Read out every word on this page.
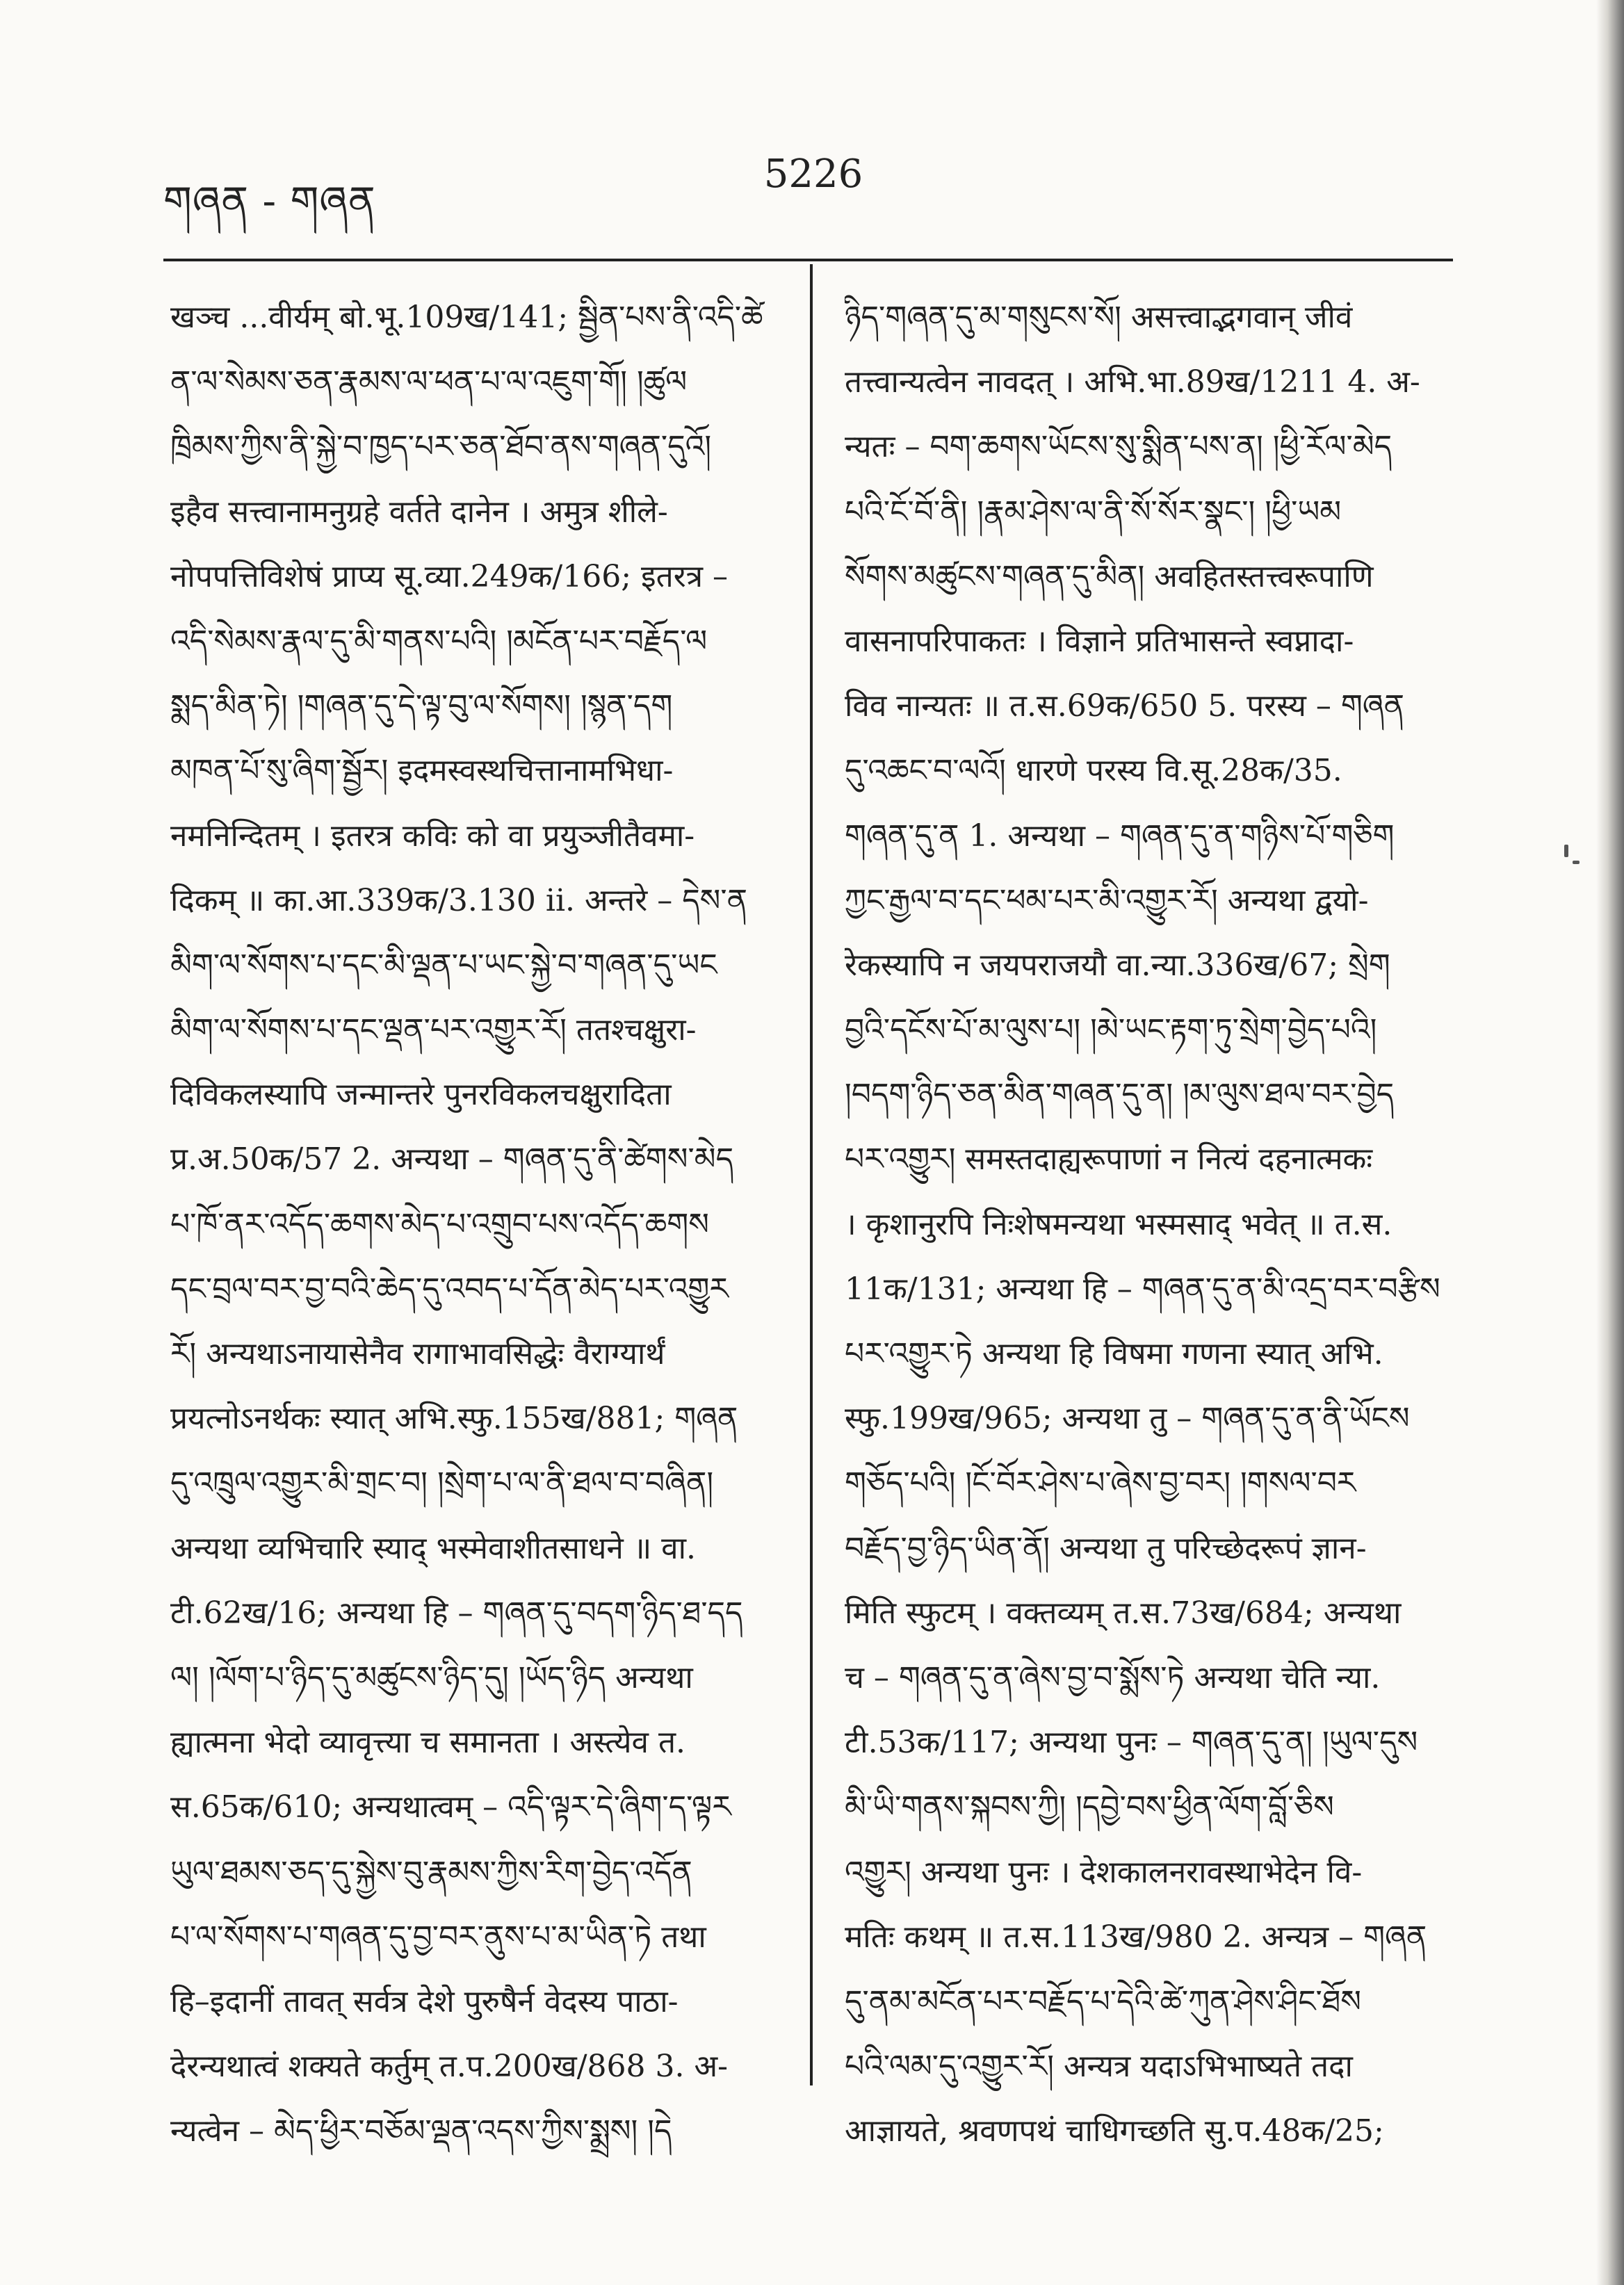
གཞན - གཞན
5226
खञ्च ...वीर्यम् बो.भू.109ख/141; སྦྱིན་པས་ནི་འདི་ཚེ
ན་ལ་སེམས་ཅན་རྣམས་ལ་ཕན་པ་ལ་འཇུག་གོ། །ཚུལ
ཁྲིམས་ཀྱིས་ནི་སྐྱེ་བ་ཁྱད་པར་ཅན་ཐོབ་ནས་གཞན་དུའོ།
इहैव सत्त्वानामनुग्रहे वर्तते दानेन । अमुत्र शीले-
नोपपत्तिविशेषं प्राप्य सू.व्या.249क/166; इतरत्र –
འདི་སེམས་རྣལ་དུ་མི་གནས་པའི། །མངོན་པར་བརྗོད་ལ
སྨད་མིན་ཏེ། །གཞན་དུ་དེ་ལྟ་བུ་ལ་སོགས། །སྙན་དག
མཁན་པོ་སུ་ཞིག་སྦྱོར། इदमस्वस्थचित्तानामभिधा-
नमनिन्दितम् । इतरत्र कविः को वा प्रयुञ्जीतैवमा-
दिकम् ॥ का.आ.339क/3.130 ii. अन्तरे – དེས་ན
མིག་ལ་སོགས་པ་དང་མི་ལྡན་པ་ཡང་སྐྱེ་བ་གཞན་དུ་ཡང
མིག་ལ་སོགས་པ་དང་ལྡན་པར་འགྱུར་རོ། ततश्चक्षुरा-
दिविकलस्यापि जन्मान्तरे पुनरविकलचक्षुरादिता
प्र.अ.50क/57 2. अन्यथा – གཞན་དུ་ནི་ཚེགས་མེད
པ་ཁོ་ནར་འདོད་ཆགས་མེད་པ་འགྲུབ་པས་འདོད་ཆགས
དང་བྲལ་བར་བྱ་བའི་ཆེད་དུ་འབད་པ་དོན་མེད་པར་འགྱུར
རོ། अन्यथाऽनायासेनैव रागाभावसिद्धेः वैराग्यार्थं
प्रयत्नोऽनर्थकः स्यात् अभि.स्फु.155ख/881; གཞན
དུ་འཁྲུལ་འགྱུར་མི་གྲང་བ། །སྲེག་པ་ལ་ནི་ཐལ་བ་བཞིན།
अन्यथा व्यभिचारि स्याद् भस्मेवाशीतसाधने ॥ वा.
टी.62ख/16; अन्यथा हि – གཞན་དུ་བདག་ཉིད་ཐ་དད
ལ། །ལོག་པ་ཉིད་དུ་མཚུངས་ཉིད་དུ། །ཡོད་ཉིད अन्यथा
ह्यात्मना भेदो व्यावृत्त्या च समानता । अस्त्येव त.
स.65क/610; अन्यथात्वम् – འདི་ལྟར་དེ་ཞིག་ད་ལྟར
ཡུལ་ཐམས་ཅད་དུ་སྐྱེས་བུ་རྣམས་ཀྱིས་རིག་བྱེད་འདོན
པ་ལ་སོགས་པ་གཞན་དུ་བྱ་བར་ནུས་པ་མ་ཡིན་ཏེ तथा
हि–इदानीं तावत् सर्वत्र देशे पुरुषैर्न वेदस्य पाठा-
देरन्यथात्वं शक्यते कर्तुम् त.प.200ख/868 3. अ-
न्यत्वेन – མེད་ཕྱིར་བཅོམ་ལྡན་འདས་ཀྱིས་སྨྲས། །དེ
ཉིད་གཞན་དུ་མ་གསུངས་སོ། असत्त्वाद्भगवान् जीवं
तत्त्वान्यत्वेन नावदत् । अभि.भा.89ख/1211 4. अ-
न्यतः – བག་ཆགས་ཡོངས་སུ་སྨིན་པས་ན། །ཕྱི་རོལ་མེད
པའི་ངོ་བོ་ནི། །རྣམ་ཤེས་ལ་ནི་སོ་སོར་སྣང་། །ཕྱི་ཡམ
སོགས་མཚུངས་གཞན་དུ་མིན། अवहितस्तत्त्वरूपाणि
वासनापरिपाकतः । विज्ञाने प्रतिभासन्ते स्वप्नादा-
विव नान्यतः ॥ त.स.69क/650 5. परस्य – གཞན
དུ་འཆང་བ་ལའོ། धारणे परस्य वि.सू.28क/35.
གཞན་དུ་ན 1. अन्यथा – གཞན་དུ་ན་གཉིས་པོ་གཅིག
ཀྱང་རྒྱལ་བ་དང་ཕམ་པར་མི་འགྱུར་རོ། अन्यथा द्वयो-
रेकस्यापि न जयपराजयौ वा.न्या.336ख/67; སྲེག
བྱའི་དངོས་པོ་མ་ལུས་པ། །མེ་ཡང་རྟག་ཏུ་སྲེག་བྱེད་པའི།
།བདག་ཉིད་ཅན་མིན་གཞན་དུ་ན། །མ་ལུས་ཐལ་བར་བྱེད
པར་འགྱུར། समस्तदाह्यरूपाणां न नित्यं दहनात्मकः
। कृशानुरपि निःशेषमन्यथा भस्मसाद् भवेत् ॥ त.स.
11क/131; अन्यथा हि – གཞན་དུ་ན་མི་འདྲ་བར་བརྩིས
པར་འགྱུར་ཏེ अन्यथा हि विषमा गणना स्यात् अभि.
स्फु.199ख/965; अन्यथा तु – གཞན་དུ་ན་ནི་ཡོངས
གཅོད་པའི། །ངོ་བོར་ཤེས་པ་ཞེས་བྱ་བར། །གསལ་བར
བརྗོད་བྱ་ཉིད་ཡིན་ནོ། अन्यथा तु परिच्छेदरूपं ज्ञान-
मिति स्फुटम् । वक्तव्यम् त.स.73ख/684; अन्यथा
च – གཞན་དུ་ན་ཞེས་བྱ་བ་སྨོས་ཏེ अन्यथा चेति न्या.
टी.53क/117; अन्यथा पुनः – གཞན་དུ་ན། །ཡུལ་དུས
མི་ཡི་གནས་སྐབས་ཀྱི། །དབྱེ་བས་ཕྱིན་ལོག་བློ་ཅིས
འགྱུར། अन्यथा पुनः । देशकालनरावस्थाभेदेन वि-
मतिः कथम् ॥ त.स.113ख/980 2. अन्यत्र – གཞན
དུ་ནམ་མངོན་པར་བརྗོད་པ་དེའི་ཚེ་ཀུན་ཤེས་ཤིང་ཐོས
པའི་ལམ་དུ་འགྱུར་རོ། अन्यत्र यदाऽभिभाष्यते तदा
आज्ञायते, श्रवणपथं चाधिगच्छति सु.प.48क/25;
